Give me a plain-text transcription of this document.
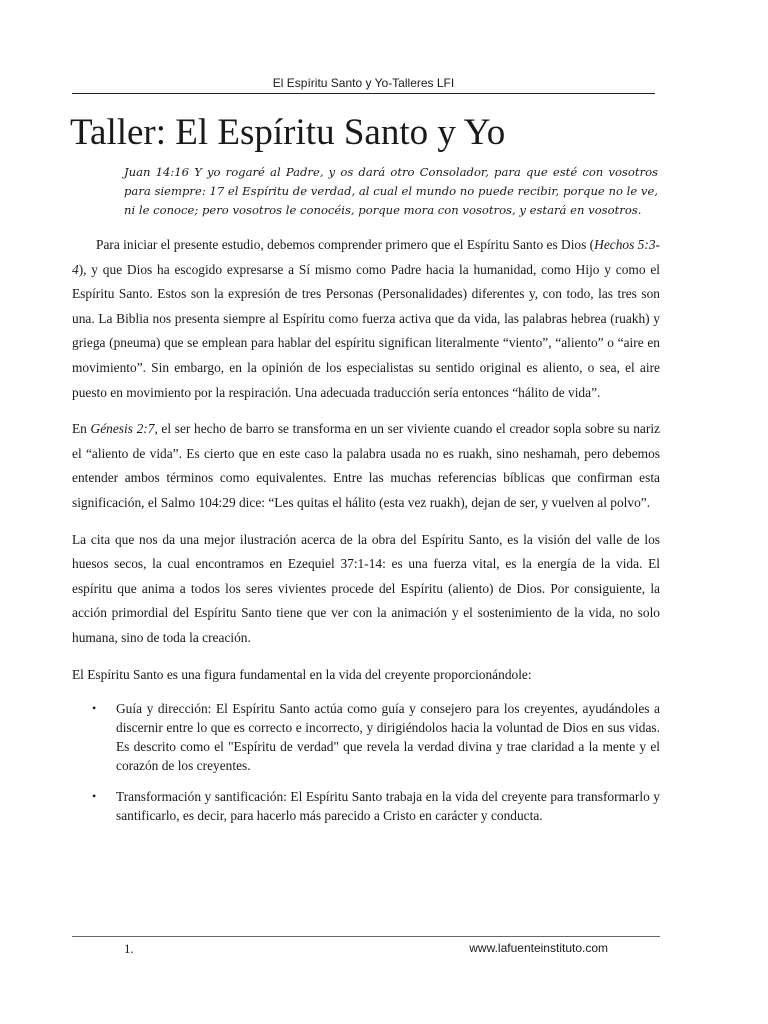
El Espíritu Santo y Yo-Talleres LFI
Taller: El Espíritu Santo y Yo

Juan 14:16 Y yo rogaré al Padre, y os dará otro Consolador, para que esté con vosotros para siempre: 17 el Espíritu de verdad, al cual el mundo no puede recibir, porque no le ve, ni le conoce; pero vosotros le conocéis, porque mora con vosotros, y estará en vosotros.

Para iniciar el presente estudio, debemos comprender primero que el Espíritu Santo es Dios (Hechos 5:3-4), y que Dios ha escogido expresarse a Sí mismo como Padre hacia la humanidad, como Hijo y como el Espíritu Santo. Estos son la expresión de tres Personas (Personalidades) diferentes y, con todo, las tres son una. La Biblia nos presenta siempre al Espíritu como fuerza activa que da vida, las palabras hebrea (ruakh) y griega (pneuma) que se emplean para hablar del espíritu significan literalmente “viento”, “aliento” o “aire en movimiento”. Sin embargo, en la opinión de los especialistas su sentido original es aliento, o sea, el aire puesto en movimiento por la respiración. Una adecuada traducción sería entonces “hálito de vida”.

En Génesis 2:7, el ser hecho de barro se transforma en un ser viviente cuando el creador sopla sobre su nariz el “aliento de vida”. Es cierto que en este caso la palabra usada no es ruakh, sino neshamah, pero debemos entender ambos términos como equivalentes. Entre las muchas referencias bíblicas que confirman esta significación, el Salmo 104:29 dice: “Les quitas el hálito (esta vez ruakh), dejan de ser, y vuelven al polvo”.

La cita que nos da una mejor ilustración acerca de la obra del Espíritu Santo, es la visión del valle de los huesos secos, la cual encontramos en Ezequiel 37:1-14: es una fuerza vital, es la energía de la vida. El espíritu que anima a todos los seres vivientes procede del Espíritu (aliento) de Dios. Por consiguiente, la acción primordial del Espíritu Santo tiene que ver con la animación y el sostenimiento de la vida, no solo humana, sino de toda la creación.

El Espíritu Santo es una figura fundamental en la vida del creyente proporcionándole:

• Guía y dirección: El Espíritu Santo actúa como guía y consejero para los creyentes, ayudándoles a discernir entre lo que es correcto e incorrecto, y dirigiéndolos hacia la voluntad de Dios en sus vidas. Es descrito como el "Espíritu de verdad" que revela la verdad divina y trae claridad a la mente y el corazón de los creyentes.
• Transformación y santificación: El Espíritu Santo trabaja en la vida del creyente para transformarlo y santificarlo, es decir, para hacerlo más parecido a Cristo en carácter y conducta.
1.	www.lafuenteinstituto.com
